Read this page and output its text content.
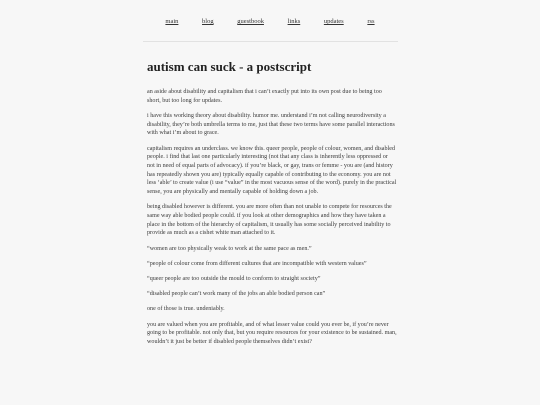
main	blog	guestbook	links	updates	rss
autism can suck - a postscript

an aside about disability and capitalism that i can’t exactly put into its own post due to being too short, but too long for updates.

i have this working theory about disability. humor me. understand i’m not calling neurodiversity a disability, they’re both umbrella terms to me, just that these two terms have some parallel interactions with what i’m about to grace.

capitalism requires an underclass. we know this. queer people, people of colour, women, and disabled people. i find that last one particularly interesting (not that any class is inherently less oppressed or not in need of equal parts of advocacy). if you’re black, or gay, trans or femme - you are (and history has repeatedly shown you are) typically equally capable of contributing to the economy. you are not less ‘able’ to create value (i use “value” in the most vacuous sense of the word). purely in the practical sense, you are physically and mentally capable of holding down a job.

being disabled however is different. you are more often than not unable to compete for resources the same way able bodied people could. if you look at other demographics and how they have taken a place in the bottom of the hierarchy of capitalism, it usually has some socially perceived inability to provide as much as a cishet white man attached to it.

“women are too physically weak to work at the same pace as men.”

“people of colour come from different cultures that are incompatible with western values”

“queer people are too outside the mould to conform to straight society”

“disabled people can’t work many of the jobs an able bodied person can”

one of those is true. undeniably.

you are valued when you are profitable, and of what lesser value could you ever be, if you’re never going to be profitable. not only that, but you require resources for your existence to be sustained. man, wouldn’t it just be better if disabled people themselves didn’t exist?
